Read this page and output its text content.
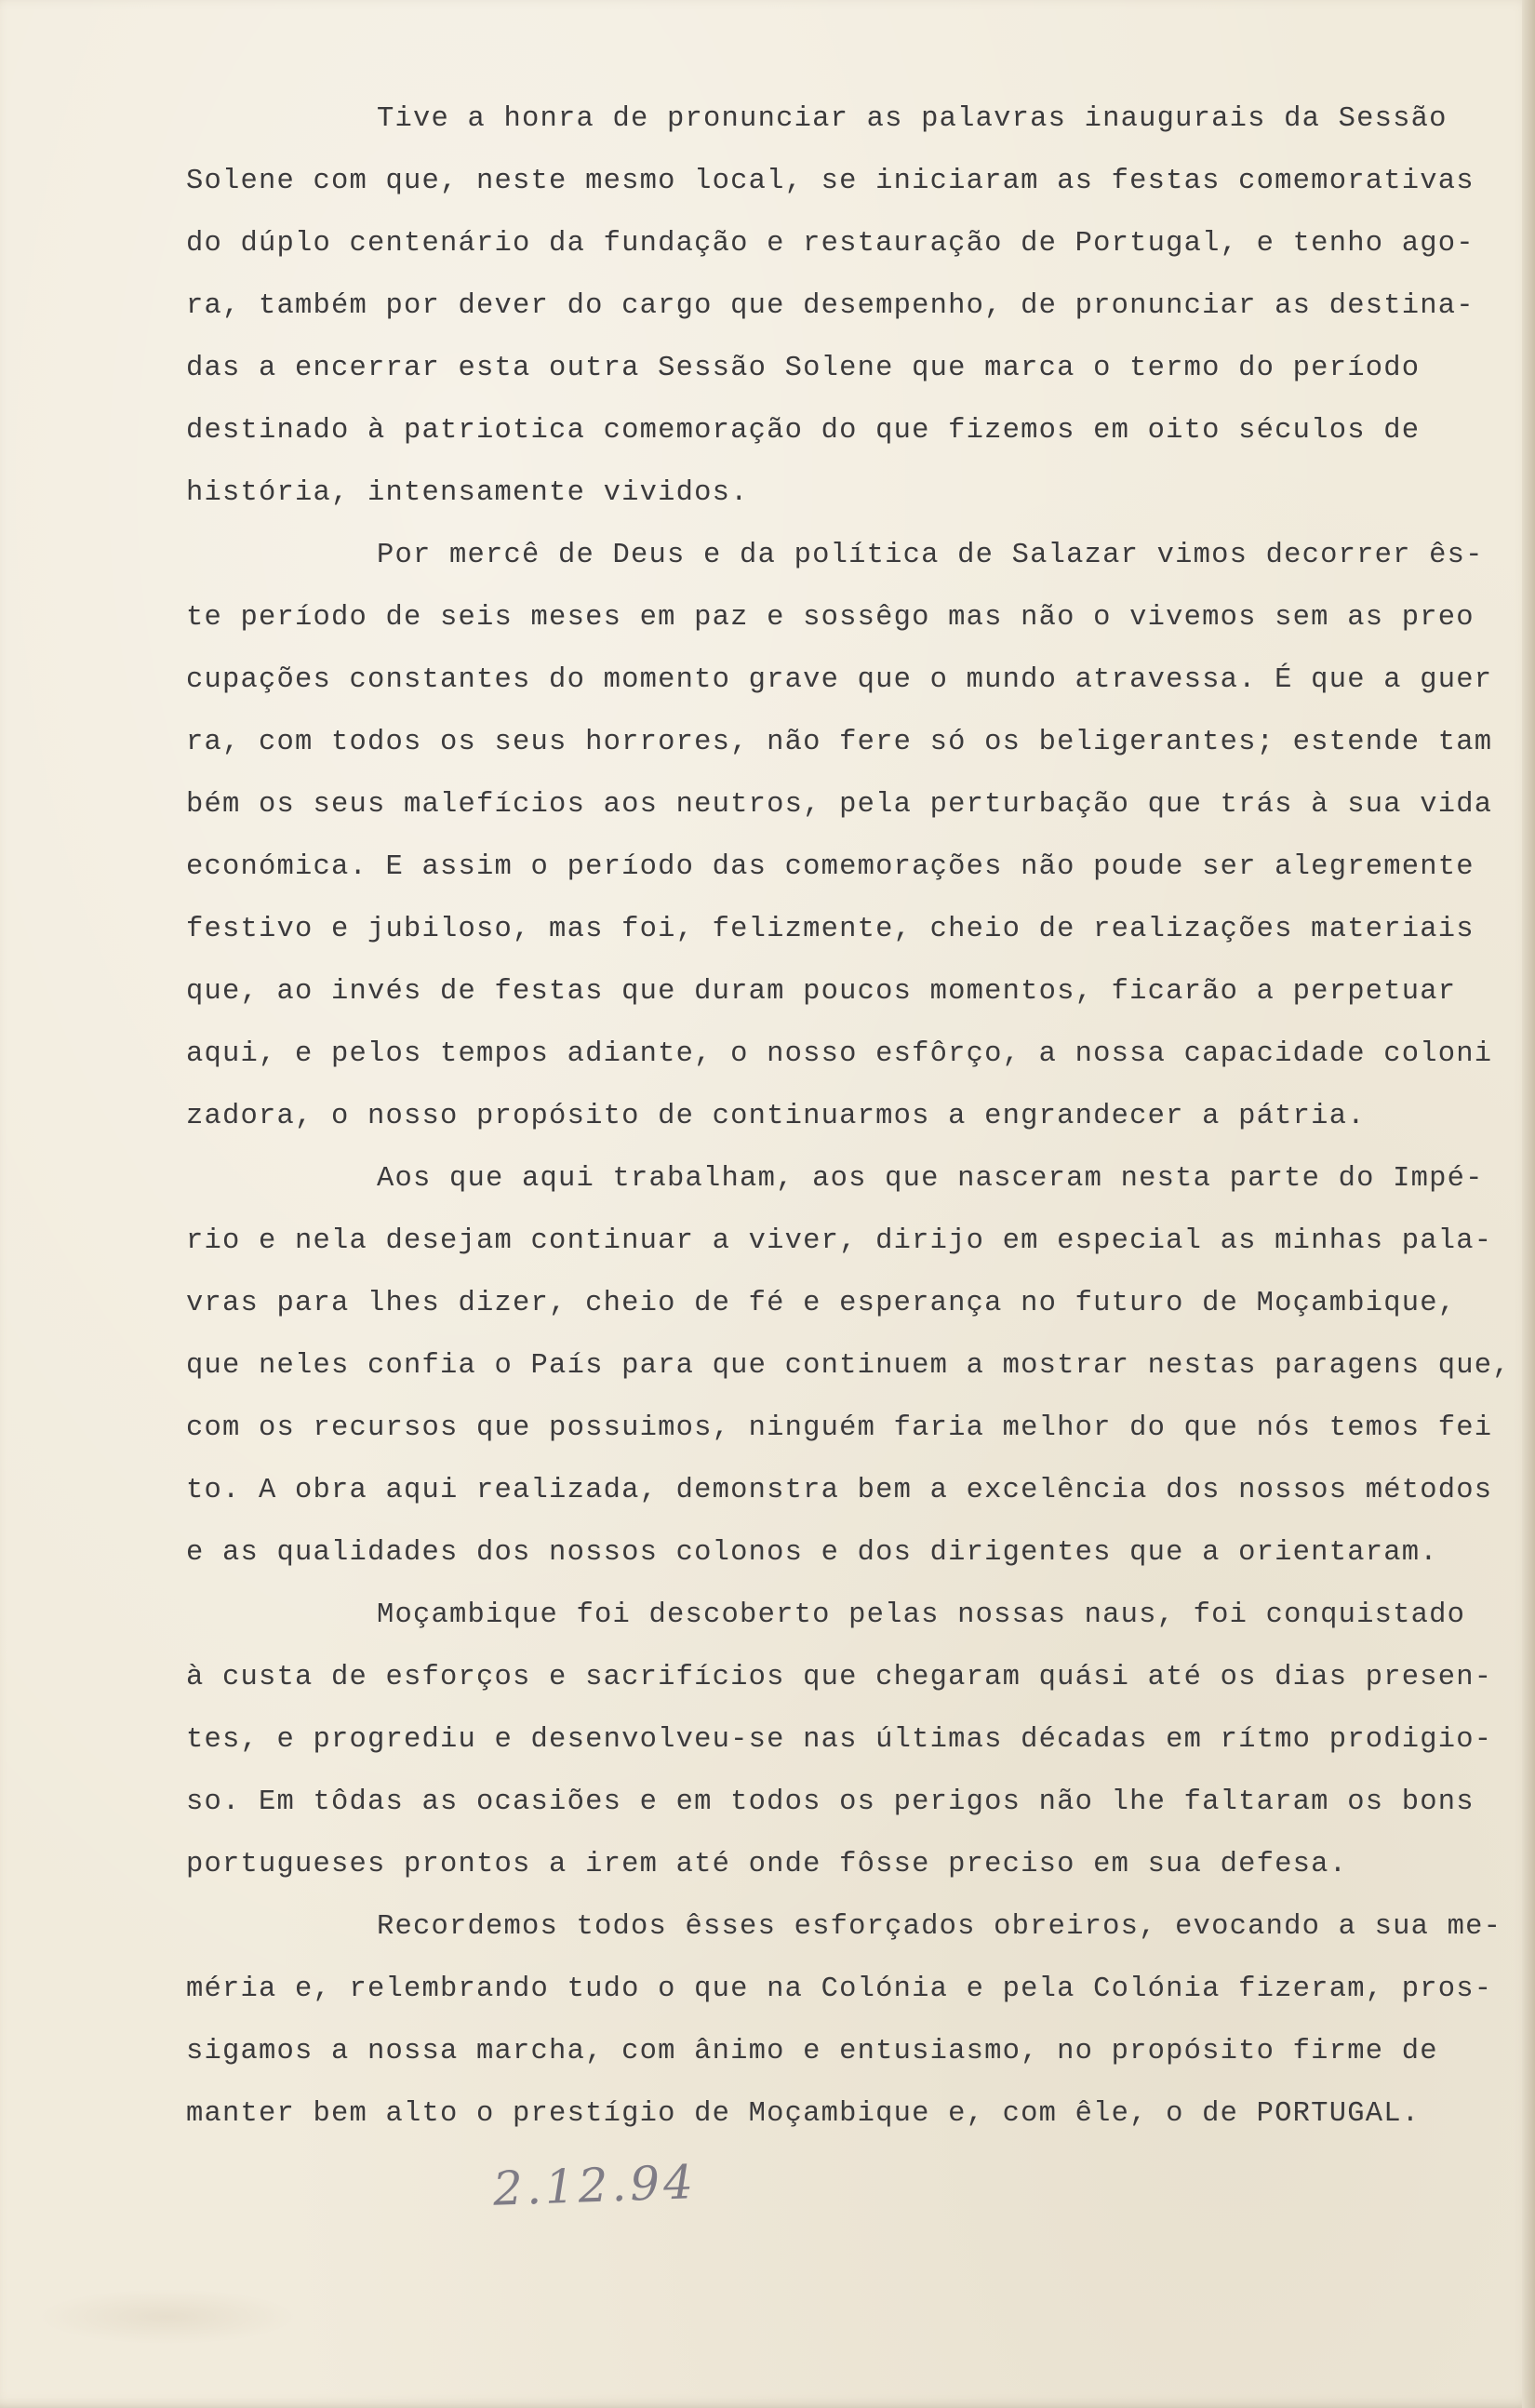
Tive a honra de pronunciar as palavras inaugurais da Sessão
Solene com que, neste mesmo local, se iniciaram as festas comemorativas
do dúplo centenário da fundação e restauração de Portugal, e tenho ago-
ra, também por dever do cargo que desempenho, de pronunciar as destina-
das a encerrar esta outra Sessão Solene que marca o termo do período
destinado à patriotica comemoração do que fizemos em oito séculos de
história, intensamente vividos.
Por mercê de Deus e da política de Salazar vimos decorrer ês-
te período de seis meses em paz e sossêgo mas não o vivemos sem as preo
cupações constantes do momento grave que o mundo atravessa. É que a guer
ra, com todos os seus horrores, não fere só os beligerantes; estende tam
bém os seus malefícios aos neutros, pela perturbação que trás à sua vida
económica. E assim o período das comemorações não poude ser alegremente
festivo e jubiloso, mas foi, felizmente, cheio de realizações materiais
que, ao invés de festas que duram poucos momentos, ficarão a perpetuar
aqui, e pelos tempos adiante, o nosso esfôrço, a nossa capacidade coloni
zadora, o nosso propósito de continuarmos a engrandecer a pátria.
Aos que aqui trabalham, aos que nasceram nesta parte do Impé-
rio e nela desejam continuar a viver, dirijo em especial as minhas pala-
vras para lhes dizer, cheio de fé e esperança no futuro de Moçambique,
que neles confia o País para que continuem a mostrar nestas paragens que,
com os recursos que possuimos, ninguém faria melhor do que nós temos fei
to. A obra aqui realizada, demonstra bem a excelência dos nossos métodos
e as qualidades dos nossos colonos e dos dirigentes que a orientaram.
Moçambique foi descoberto pelas nossas naus, foi conquistado
à custa de esforços e sacrifícios que chegaram quási até os dias presen-
tes, e progrediu e desenvolveu-se nas últimas décadas em rítmo prodigio-
so. Em tôdas as ocasiões e em todos os perigos não lhe faltaram os bons
portugueses prontos a irem até onde fôsse preciso em sua defesa.
Recordemos todos êsses esforçados obreiros, evocando a sua me-
méria e, relembrando tudo o que na Colónia e pela Colónia fizeram, pros-
sigamos a nossa marcha, com ânimo e entusiasmo, no propósito firme de
manter bem alto o prestígio de Moçambique e, com êle, o de PORTUGAL.
2.12.94
